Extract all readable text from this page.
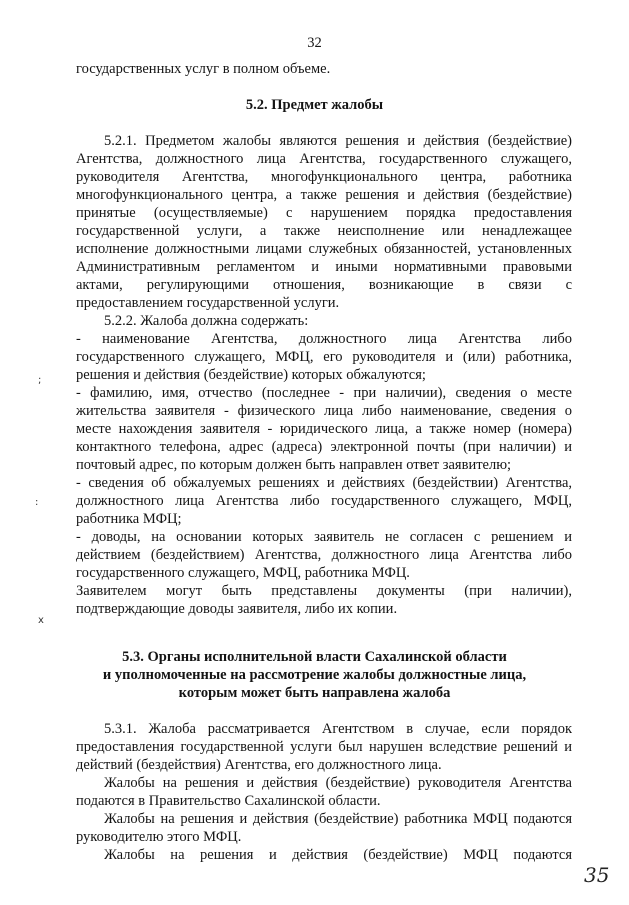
32
государственных услуг в полном объеме.
5.2. Предмет жалобы
5.2.1. Предметом жалобы являются решения и действия (бездействие)
Агентства, должностного лица Агентства, государственного служащего,
руководителя Агентства, многофункционального центра, работника
многофункционального центра, а также решения и действия (бездействие)
принятые (осуществляемые) с нарушением порядка предоставления
государственной услуги, а также неисполнение или ненадлежащее
исполнение должностными лицами служебных обязанностей, установленных
Административным регламентом и иными нормативными правовыми
актами, регулирующими отношения, возникающие в связи с
предоставлением государственной услуги.
5.2.2. Жалоба должна содержать:
- наименование Агентства, должностного лица Агентства либо
государственного служащего, МФЦ, его руководителя и (или) работника,
решения и действия (бездействие) которых обжалуются;
- фамилию, имя, отчество (последнее - при наличии), сведения о месте
жительства заявителя - физического лица либо наименование, сведения о
месте нахождения заявителя - юридического лица, а также номер (номера)
контактного телефона, адрес (адреса) электронной почты (при наличии) и
почтовый адрес, по которым должен быть направлен ответ заявителю;
- сведения об обжалуемых решениях и действиях (бездействии) Агентства,
должностного лица Агентства либо государственного служащего, МФЦ,
работника МФЦ;
- доводы, на основании которых заявитель не согласен с решением и
действием (бездействием) Агентства, должностного лица Агентства либо
государственного служащего, МФЦ, работника МФЦ.
Заявителем могут быть представлены документы (при наличии),
подтверждающие доводы заявителя, либо их копии.
5.3. Органы исполнительной власти Сахалинской области
и уполномоченные на рассмотрение жалобы должностные лица,
которым может быть направлена жалоба
5.3.1. Жалоба рассматривается Агентством в случае, если порядок
предоставления государственной услуги был нарушен вследствие решений и
действий (бездействия) Агентства, его должностного лица.
Жалобы на решения и действия (бездействие) руководителя Агентства
подаются в Правительство Сахалинской области.
Жалобы на решения и действия (бездействие) работника МФЦ подаются
руководителю этого МФЦ.
Жалобы на решения и действия (бездействие) МФЦ подаются
35
;
:
x
